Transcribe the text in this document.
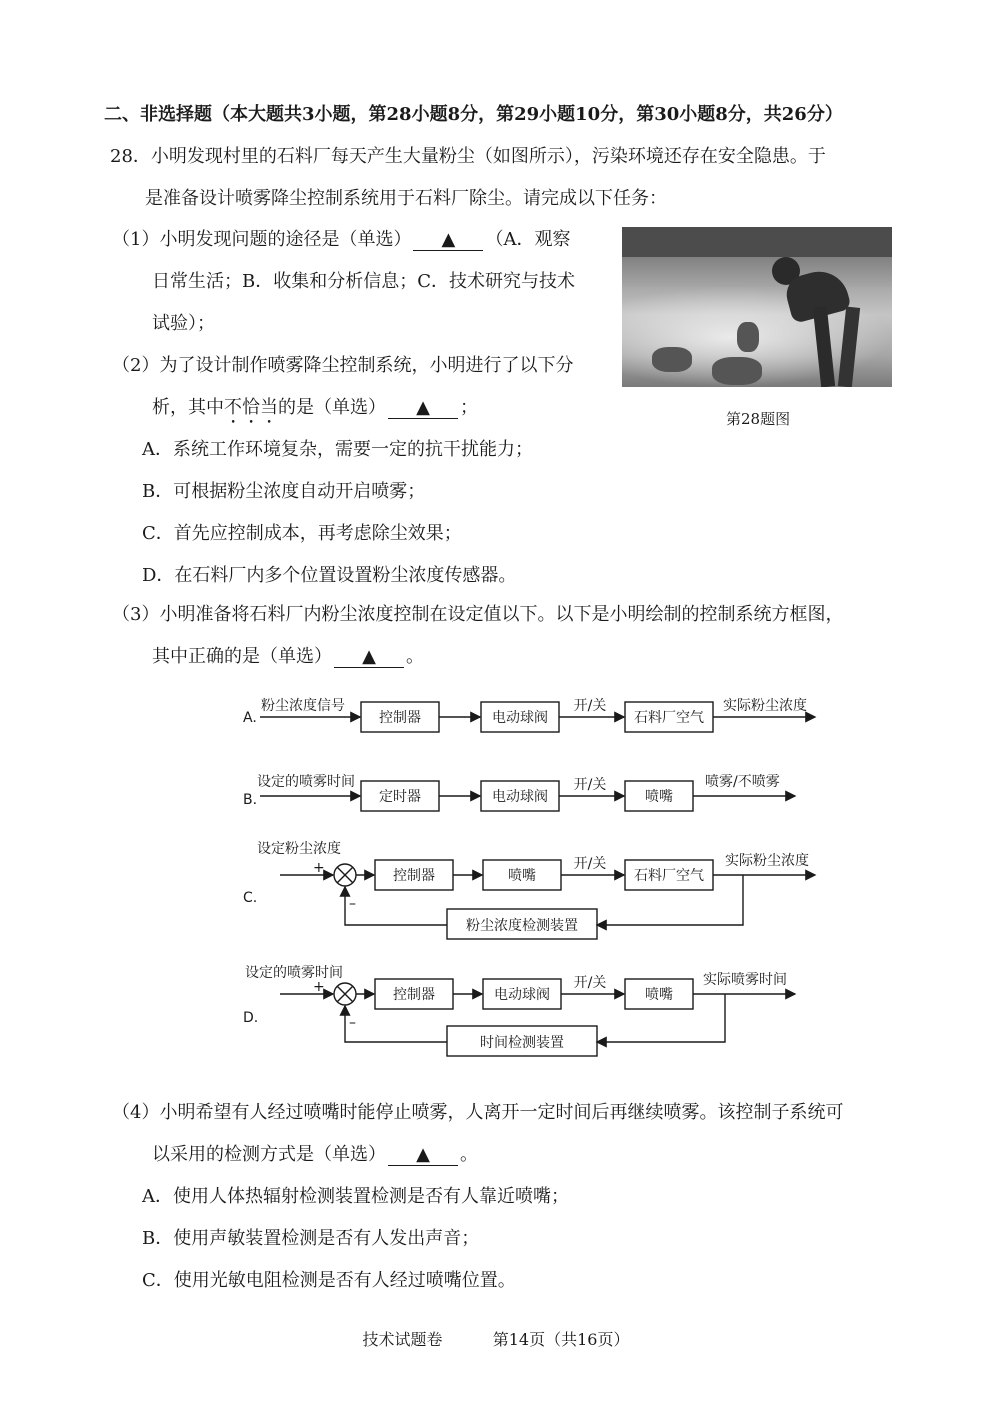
二、非选择题（本大题共3小题，第28小题8分，第29小题10分，第30小题8分，共26分）
28．小明发现村里的石料厂每天产生大量粉尘（如图所示），污染环境还存在安全隐患。于
是准备设计喷雾降尘控制系统用于石料厂除尘。请完成以下任务：
第28题图
（1）小明发现问题的途径是（单选） ▲ （A．观察
日常生活；B．收集和分析信息；C．技术研究与技术
试验）；
（2）为了设计制作喷雾降尘控制系统，小明进行了以下分
析，其中不恰当的是（单选） ▲ ；
A．系统工作环境复杂，需要一定的抗干扰能力；
B．可根据粉尘浓度自动开启喷雾；
C．首先应控制成本，再考虑除尘效果；
D．在石料厂内多个位置设置粉尘浓度传感器。
（3）小明准备将石料厂内粉尘浓度控制在设定值以下。以下是小明绘制的控制系统方框图，
其中正确的是（单选） ▲ 。
A.
粉尘浓度信号
控制器	电动球阀
开/关
石料厂空气
实际粉尘浓度
B.
设定的喷雾时间
定时器	电动球阀
开/关
喷嘴
喷雾/不喷雾
C.
设定粉尘浓度
+
–
控制器	喷嘴
开/关
石料厂空气
实际粉尘浓度
粉尘浓度检测装置
D.
设定的喷雾时间
+
–
控制器	电动球阀
开/关
喷嘴
实际喷雾时间
时间检测装置
（4）小明希望有人经过喷嘴时能停止喷雾，人离开一定时间后再继续喷雾。该控制子系统可
以采用的检测方式是（单选） ▲ 。
A．使用人体热辐射检测装置检测是否有人靠近喷嘴；
B．使用声敏装置检测是否有人发出声音；
C．使用光敏电阻检测是否有人经过喷嘴位置。
技术试题卷	第14页（共16页）
